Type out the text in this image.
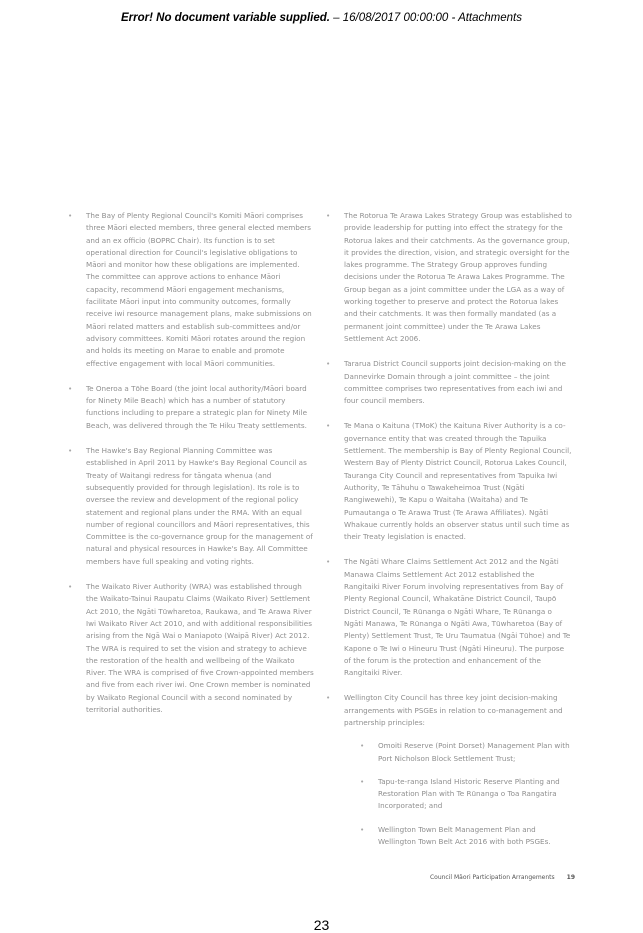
Error! No document variable supplied. – 16/08/2017 00:00:00 - Attachments
• The Bay of Plenty Regional Council's Komiti Māori comprises three Māori elected members, three general elected members and an ex officio (BOPRC Chair). Its function is to set operational direction for Council's legislative obligations to Māori and monitor how these obligations are implemented. The committee can approve actions to enhance Māori capacity, recommend Māori engagement mechanisms, facilitate Māori input into community outcomes, formally receive iwi resource management plans, make submissions on Māori related matters and establish sub-committees and/or advisory committees. Komiti Māori rotates around the region and holds its meeting on Marae to enable and promote effective engagement with local Māori communities.
• Te Oneroa a Tōhe Board (the joint local authority/Māori board for Ninety Mile Beach) which has a number of statutory functions including to prepare a strategic plan for Ninety Mile Beach, was delivered through the Te Hiku Treaty settlements.
• The Hawke's Bay Regional Planning Committee was established in April 2011 by Hawke's Bay Regional Council as Treaty of Waitangi redress for tāngata whenua (and subsequently provided for through legislation). Its role is to oversee the review and development of the regional policy statement and regional plans under the RMA. With an equal number of regional councillors and Māori representatives, this Committee is the co-governance group for the management of natural and physical resources in Hawke's Bay. All Committee members have full speaking and voting rights.
• The Waikato River Authority (WRA) was established through the Waikato-Tainui Raupatu Claims (Waikato River) Settlement Act 2010, the Ngāti Tūwharetoa, Raukawa, and Te Arawa River Iwi Waikato River Act 2010, and with additional responsibilities arising from the Ngā Wai o Maniapoto (Waipā River) Act 2012. The WRA is required to set the vision and strategy to achieve the restoration of the health and wellbeing of the Waikato River. The WRA is comprised of five Crown-appointed members and five from each river iwi. One Crown member is nominated by Waikato Regional Council with a second nominated by territorial authorities.
• The Rotorua Te Arawa Lakes Strategy Group was established to provide leadership for putting into effect the strategy for the Rotorua lakes and their catchments. As the governance group, it provides the direction, vision, and strategic oversight for the lakes programme. The Strategy Group approves funding decisions under the Rotorua Te Arawa Lakes Programme. The Group began as a joint committee under the LGA as a way of working together to preserve and protect the Rotorua lakes and their catchments. It was then formally mandated (as a permanent joint committee) under the Te Arawa Lakes Settlement Act 2006.
• Tararua District Council supports joint decision-making on the Dannevirke Domain through a joint committee – the joint committee comprises two representatives from each iwi and four council members.
• Te Mana o Kaituna (TMoK) the Kaituna River Authority is a co-governance entity that was created through the Tapuika Settlement. The membership is Bay of Plenty Regional Council, Western Bay of Plenty District Council, Rotorua Lakes Council, Tauranga City Council and representatives from Tapuika Iwi Authority, Te Tāhuhu o Tawakeheimoa Trust (Ngāti Rangiwewehi), Te Kapu o Waitaha (Waitaha) and Te Pumautanga o Te Arawa Trust (Te Arawa Affiliates). Ngāti Whakaue currently holds an observer status until such time as their Treaty legislation is enacted.
• The Ngāti Whare Claims Settlement Act 2012 and the Ngāti Manawa Claims Settlement Act 2012 established the Rangitaiki River Forum involving representatives from Bay of Plenty Regional Council, Whakatāne District Council, Taupō District Council, Te Rūnanga o Ngāti Whare, Te Rūnanga o Ngāti Manawa, Te Rūnanga o Ngāti Awa, Tūwharetoa (Bay of Plenty) Settlement Trust, Te Uru Taumatua (Ngāi Tūhoe) and Te Kapone o Te Iwi o Hineuru Trust (Ngāti Hineuru). The purpose of the forum is the protection and enhancement of the Rangitaiki River.
• Wellington City Council has three key joint decision-making arrangements with PSGEs in relation to co-management and partnership principles:
• Omoiti Reserve (Point Dorset) Management Plan with Port Nicholson Block Settlement Trust;
• Tapu-te-ranga Island Historic Reserve Planting and Restoration Plan with Te Rūnanga o Toa Rangatira Incorporated; and
• Wellington Town Belt Management Plan and Wellington Town Belt Act 2016 with both PSGEs.
Council Māori Participation Arrangements 19
23
